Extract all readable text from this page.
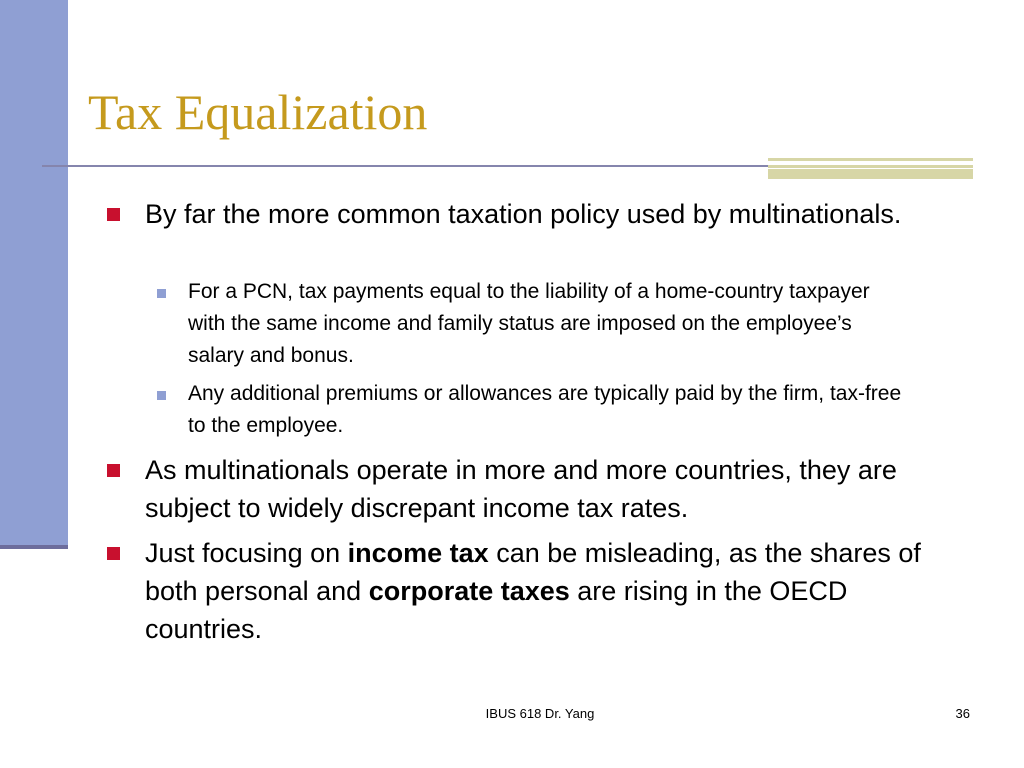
Tax Equalization
By far the more common taxation policy used by multinationals.
For a PCN, tax payments equal to the liability of a home-country taxpayer with the same income and family status are imposed on the employee’s salary and bonus.
Any additional premiums or allowances are typically paid by the firm, tax-free to the employee.
As multinationals operate in more and more countries, they are subject to widely discrepant income tax rates.
Just focusing on income tax can be misleading, as the shares of both personal and corporate taxes are rising in the OECD countries.
IBUS 618 Dr. Yang	36
